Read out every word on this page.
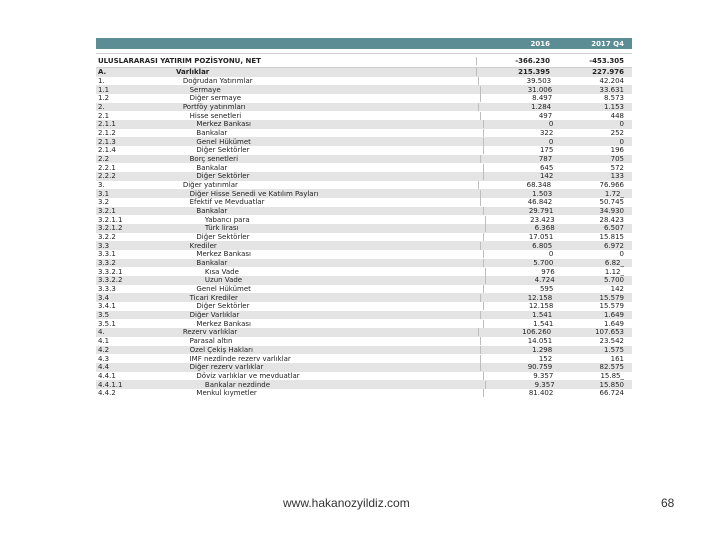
2016	2017 Q4
ULUSLARARASI YATIRIM POZİSYONU, NET	-366.230	-453.305
A.	Varlıklar	215.395	227.976
1.	Doğrudan Yatırımlar	39.503	42.204
1.1	Sermaye	31.006	33.631
1.2	Diğer sermaye	8.497	8.573
2.	Portföy yatırımları	1.284	1.153
2.1	Hisse senetleri	497	448
2.1.1	Merkez Bankası	0	0
2.1.2	Bankalar	322	252
2.1.3	Genel Hükümet	0	0
2.1.4	Diğer Sektörler	175	196
2.2	Borç senetleri	787	705
2.2.1	Bankalar	645	572
2.2.2	Diğer Sektörler	142	133
3.	Diğer yatırımlar	68.348	76.966
3.1	Diğer Hisse Senedi ve Katılım Payları	1.503	1.72_
3.2	Efektif ve Mevduatlar	46.842	50.745
3.2.1	Bankalar	29.791	34.930
3.2.1.1	Yabancı para	23.423	28.423
3.2.1.2	Türk lirası	6.368	6.507
3.2.2	Diğer Sektörler	17.051	15.815
3.3	Krediler	6.805	6.972
3.3.1	Merkez Bankası	0	0
3.3.2	Bankalar	5.700	6.82_
3.3.2.1	Kısa Vade	976	1.12_
3.3.2.2	Uzun Vade	4.724	5.700
3.3.3	Genel Hükümet	595	142
3.4	Ticari Krediler	12.158	15.579
3.4.1	Diğer Sektörler	12.158	15.579
3.5	Diğer Varlıklar	1.541	1.649
3.5.1	Merkez Bankası	1.541	1.649
4.	Rezerv varlıklar	106.260	107.653
4.1	Parasal altın	14.051	23.542
4.2	Özel Çekiş Hakları	1.298	1.575
4.3	IMF nezdinde rezerv varlıklar	152	161
4.4	Diğer rezerv varlıklar	90.759	82.575
4.4.1	Döviz varlıklar ve mevduatlar	9.357	15.85_
4.4.1.1	Bankalar nezdinde	9.357	15.850
4.4.2	Menkul kıymetler	81.402	66.724
www.hakanozyildiz.com	68
